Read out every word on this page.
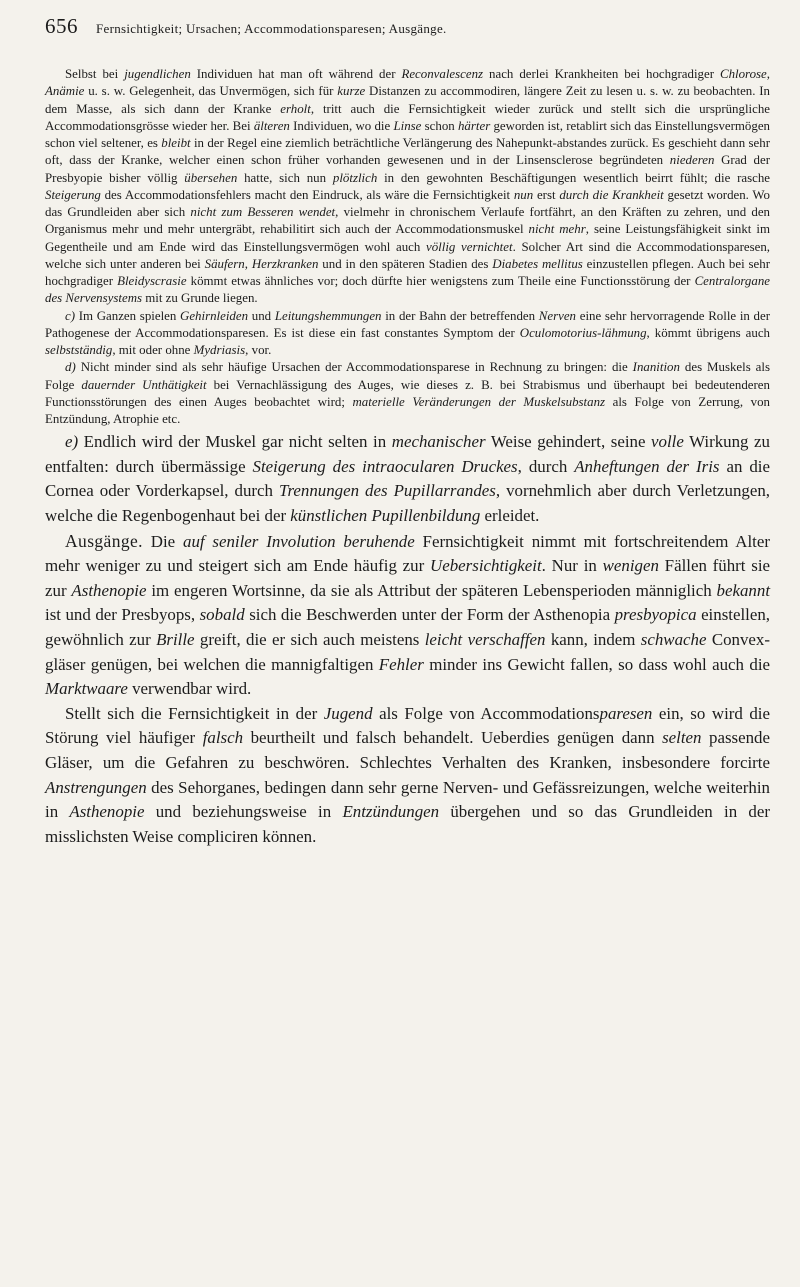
656 Fernsichtigkeit; Ursachen; Accommodationsparesen; Ausgänge.

Selbst bei jugendlichen Individuen hat man oft während der Reconvalescenz nach derlei Krankheiten bei hochgradiger Chlorose, Anämie u. s. w. Gelegenheit, das Unvermögen, sich für kurze Distanzen zu accommodiren, längere Zeit zu lesen u. s. w. zu beobachten. In dem Masse, als sich dann der Kranke erholt, tritt auch die Fernsichtigkeit wieder zurück und stellt sich die ursprüngliche Accommodationsgrösse wieder her. Bei älteren Individuen, wo die Linse schon härter geworden ist, retablirt sich das Einstellungsvermögen schon viel seltener, es bleibt in der Regel eine ziemlich beträchtliche Verlängerung des Nahepunkt-abstandes zurück. Es geschieht dann sehr oft, dass der Kranke, welcher einen schon früher vorhanden gewesenen und in der Linsensclerose begründeten niederen Grad der Presbyopie bisher völlig übersehen hatte, sich nun plötzlich in den gewohnten Beschäftigungen wesentlich beirrt fühlt; die rasche Steigerung des Accommodationsfehlers macht den Eindruck, als wäre die Fernsichtigkeit nun erst durch die Krankheit gesetzt worden. Wo das Grundleiden aber sich nicht zum Besseren wendet, vielmehr in chronischem Verlaufe fortfährt, an den Kräften zu zehren, und den Organismus mehr und mehr untergräbt, rehabilitirt sich auch der Accommodationsmuskel nicht mehr, seine Leistungsfähigkeit sinkt im Gegentheile und am Ende wird das Einstellungsvermögen wohl auch völlig vernichtet. Solcher Art sind die Accommodationsparesen, welche sich unter anderen bei Säufern, Herzkranken und in den späteren Stadien des Diabetes mellitus einzustellen pflegen. Auch bei sehr hochgradiger Bleidyscrasie kömmt etwas ähnliches vor; doch dürfte hier wenigstens zum Theile eine Functionsstörung der Centralorgane des Nervensystems mit zu Grunde liegen.

c) Im Ganzen spielen Gehirnleiden und Leitungshemmungen in der Bahn der betreffenden Nerven eine sehr hervorragende Rolle in der Pathogenese der Accommodationsparesen. Es ist diese ein fast constantes Symptom der Oculomotorius-lähmung, kömmt übrigens auch selbstständig, mit oder ohne Mydriasis, vor.

d) Nicht minder sind als sehr häufige Ursachen der Accommodationsparese in Rechnung zu bringen: die Inanition des Muskels als Folge dauernder Unthätigkeit bei Vernachlässigung des Auges, wie dieses z. B. bei Strabismus und überhaupt bei bedeutenderen Functionsstörungen des einen Auges beobachtet wird; materielle Veränderungen der Muskelsubstanz als Folge von Zerrung, von Entzündung, Atrophie etc.

e) Endlich wird der Muskel gar nicht selten in mechanischer Weise gehindert, seine volle Wirkung zu entfalten: durch übermässige Steigerung des intraocularen Druckes, durch Anheftungen der Iris an die Cornea oder Vorderkapsel, durch Trennungen des Pupillarrandes, vornehmlich aber durch Verletzungen, welche die Regenbogenhaut bei der künstlichen Pupillenbildung erleidet.

Ausgänge. Die auf seniler Involution beruhende Fernsichtigkeit nimmt mit fortschreitendem Alter mehr weniger zu und steigert sich am Ende häufig zur Uebersichtigkeit. Nur in wenigen Fällen führt sie zur Asthenopie im engeren Wortsinne, da sie als Attribut der späteren Lebensperioden männiglich bekannt ist und der Presbyops, sobald sich die Beschwerden unter der Form der Asthenopia presbyopica einstellen, gewöhnlich zur Brille greift, die er sich auch meistens leicht verschaffen kann, indem schwache Convex-gläser genügen, bei welchen die mannigfaltigen Fehler minder ins Gewicht fallen, so dass wohl auch die Marktwaare verwendbar wird.

Stellt sich die Fernsichtigkeit in der Jugend als Folge von Accommodationsparesen ein, so wird die Störung viel häufiger falsch beurtheilt und falsch behandelt. Ueberdies genügen dann selten passende Gläser, um die Gefahren zu beschwören. Schlechtes Verhalten des Kranken, insbesondere forcirte Anstrengungen des Sehorganes, bedingen dann sehr gerne Nerven- und Gefässreizungen, welche weiterhin in Asthenopie und beziehungsweise in Entzündungen übergehen und so das Grundleiden in der misslichsten Weise compliciren können.
